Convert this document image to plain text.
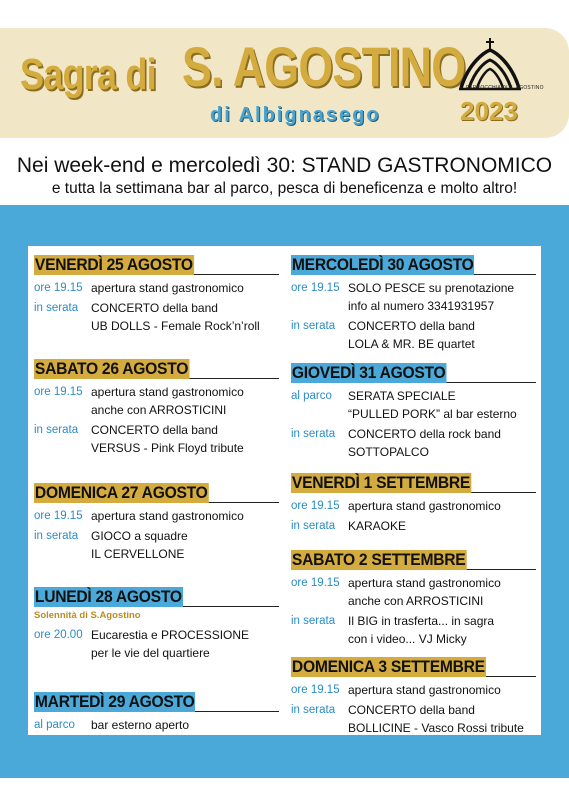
Sagra di S. AGOSTINO
di Albignasego	2023
PARROCCHIA DI S. AGOSTINO
Nei week-end e mercoledì 30: STAND GASTRONOMICO
e tutta la settimana bar al parco, pesca di beneficenza e molto altro!
VENERDÌ 25 AGOSTO
ore 19.15 apertura stand gastronomico
in serata	CONCERTO della band
UB DOLLS - Female Rock’n’roll
SABATO 26 AGOSTO
ore 19.15 apertura stand gastronomico
anche con ARROSTICINI
in serata	CONCERTO della band
VERSUS - Pink Floyd tribute
DOMENICA 27 AGOSTO
ore 19.15 apertura stand gastronomico
in serata	GIOCO a squadre
IL CERVELLONE
LUNEDÌ 28 AGOSTO
Solennità di S.Agostino
ore 20.00 Eucarestia e PROCESSIONE
per le vie del quartiere
MARTEDÌ 29 AGOSTO
al parco	bar esterno aperto
MERCOLEDÌ 30 AGOSTO
ore 19.15 SOLO PESCE su prenotazione
info al numero 3341931957
in serata	CONCERTO della band
LOLA & MR. BE quartet
GIOVEDÌ 31 AGOSTO
al parco	SERATA SPECIALE
“PULLED PORK” al bar esterno
in serata	CONCERTO della rock band
SOTTOPALCO
VENERDÌ 1 SETTEMBRE
ore 19.15 apertura stand gastronomico
in serata	KARAOKE
SABATO 2 SETTEMBRE
ore 19.15 apertura stand gastronomico
anche con ARROSTICINI
in serata	Il BIG in trasferta... in sagra
con i video... VJ Micky
DOMENICA 3 SETTEMBRE
ore 19.15 apertura stand gastronomico
in serata	CONCERTO della band
BOLLICINE - Vasco Rossi tribute
